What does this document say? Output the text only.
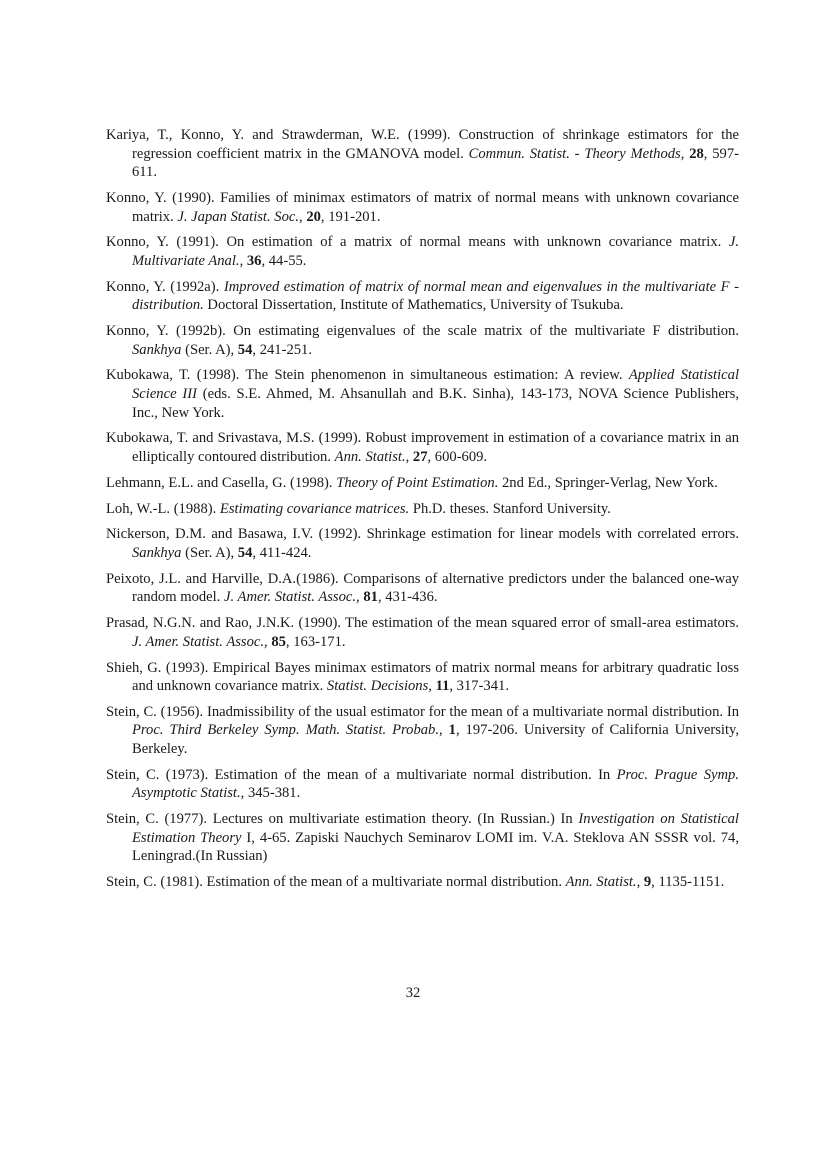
Kariya, T., Konno, Y. and Strawderman, W.E. (1999). Construction of shrinkage estimators for the regression coefficient matrix in the GMANOVA model. Commun. Statist. - Theory Methods, 28, 597-611.
Konno, Y. (1990). Families of minimax estimators of matrix of normal means with unknown covariance matrix. J. Japan Statist. Soc., 20, 191-201.
Konno, Y. (1991). On estimation of a matrix of normal means with unknown covariance matrix. J. Multivariate Anal., 36, 44-55.
Konno, Y. (1992a). Improved estimation of matrix of normal mean and eigenvalues in the multivariate F - distribution. Doctoral Dissertation, Institute of Mathematics, University of Tsukuba.
Konno, Y. (1992b). On estimating eigenvalues of the scale matrix of the multivariate F distribution. Sankhya (Ser. A), 54, 241-251.
Kubokawa, T. (1998). The Stein phenomenon in simultaneous estimation: A review. Applied Statistical Science III (eds. S.E. Ahmed, M. Ahsanullah and B.K. Sinha), 143-173, NOVA Science Publishers, Inc., New York.
Kubokawa, T. and Srivastava, M.S. (1999). Robust improvement in estimation of a covariance matrix in an elliptically contoured distribution. Ann. Statist., 27, 600-609.
Lehmann, E.L. and Casella, G. (1998). Theory of Point Estimation. 2nd Ed., Springer-Verlag, New York.
Loh, W.-L. (1988). Estimating covariance matrices. Ph.D. theses. Stanford University.
Nickerson, D.M. and Basawa, I.V. (1992). Shrinkage estimation for linear models with correlated errors. Sankhya (Ser. A), 54, 411-424.
Peixoto, J.L. and Harville, D.A.(1986). Comparisons of alternative predictors under the balanced one-way random model. J. Amer. Statist. Assoc., 81, 431-436.
Prasad, N.G.N. and Rao, J.N.K. (1990). The estimation of the mean squared error of small-area estimators. J. Amer. Statist. Assoc., 85, 163-171.
Shieh, G. (1993). Empirical Bayes minimax estimators of matrix normal means for arbitrary quadratic loss and unknown covariance matrix. Statist. Decisions, 11, 317-341.
Stein, C. (1956). Inadmissibility of the usual estimator for the mean of a multivariate normal distribution. In Proc. Third Berkeley Symp. Math. Statist. Probab., 1, 197-206. University of California University, Berkeley.
Stein, C. (1973). Estimation of the mean of a multivariate normal distribution. In Proc. Prague Symp. Asymptotic Statist., 345-381.
Stein, C. (1977). Lectures on multivariate estimation theory. (In Russian.) In Investigation on Statistical Estimation Theory I, 4-65. Zapiski Nauchych Seminarov LOMI im. V.A. Steklova AN SSSR vol. 74, Leningrad.(In Russian)
Stein, C. (1981). Estimation of the mean of a multivariate normal distribution. Ann. Statist., 9, 1135-1151.
32
